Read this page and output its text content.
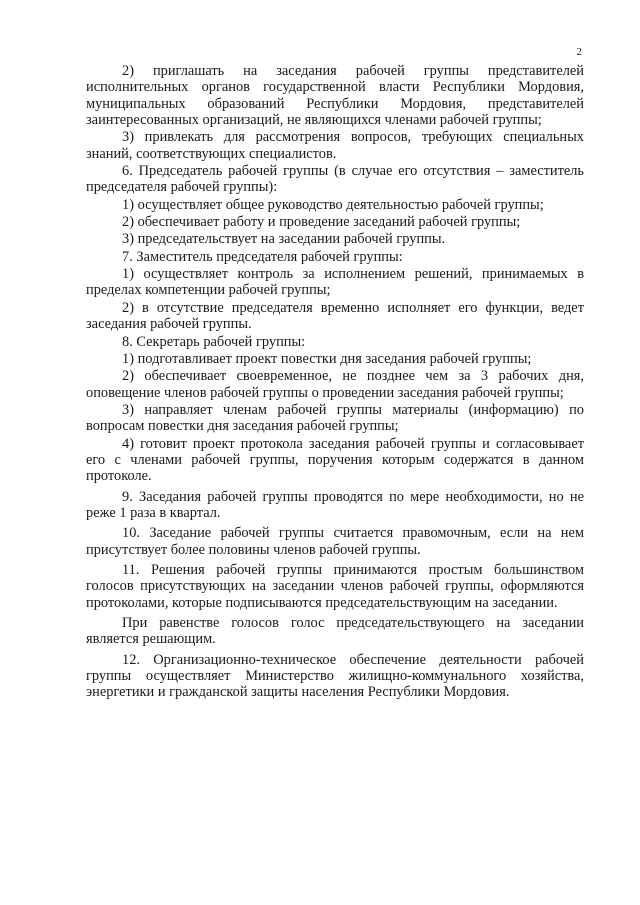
2

2) приглашать на заседания рабочей группы представителей исполнительных органов государственной власти Республики Мордовия, муниципальных образований Республики Мордовия, представителей заинтересованных организаций, не являющихся членами рабочей группы;

3) привлекать для рассмотрения вопросов, требующих специальных знаний, соответствующих специалистов.

6. Председатель рабочей группы (в случае его отсутствия – заместитель председателя рабочей группы):

1) осуществляет общее руководство деятельностью рабочей группы;

2) обеспечивает работу и проведение заседаний рабочей группы;

3) председательствует на заседании рабочей группы.

7. Заместитель председателя рабочей группы:

1) осуществляет контроль за исполнением решений, принимаемых в пределах компетенции рабочей группы;

2) в отсутствие председателя временно исполняет его функции, ведет заседания рабочей группы.

8. Секретарь рабочей группы:

1) подготавливает проект повестки дня заседания рабочей группы;

2) обеспечивает своевременное, не позднее чем за 3 рабочих дня, оповещение членов рабочей группы о проведении заседания рабочей группы;

3) направляет членам рабочей группы материалы (информацию) по вопросам повестки дня заседания рабочей группы;

4) готовит проект протокола заседания рабочей группы и согласовывает его с членами рабочей группы, поручения которым содержатся в данном протоколе.

9. Заседания рабочей группы проводятся по мере необходимости, но не реже 1 раза в квартал.

10. Заседание рабочей группы считается правомочным, если на нем присутствует более половины членов рабочей группы.

11. Решения рабочей группы принимаются простым большинством голосов присутствующих на заседании членов рабочей группы, оформляются протоколами, которые подписываются председательствующим на заседании.

При равенстве голосов голос председательствующего на заседании является решающим.

12. Организационно-техническое обеспечение деятельности рабочей группы осуществляет Министерство жилищно-коммунального хозяйства, энергетики и гражданской защиты населения Республики Мордовия.
